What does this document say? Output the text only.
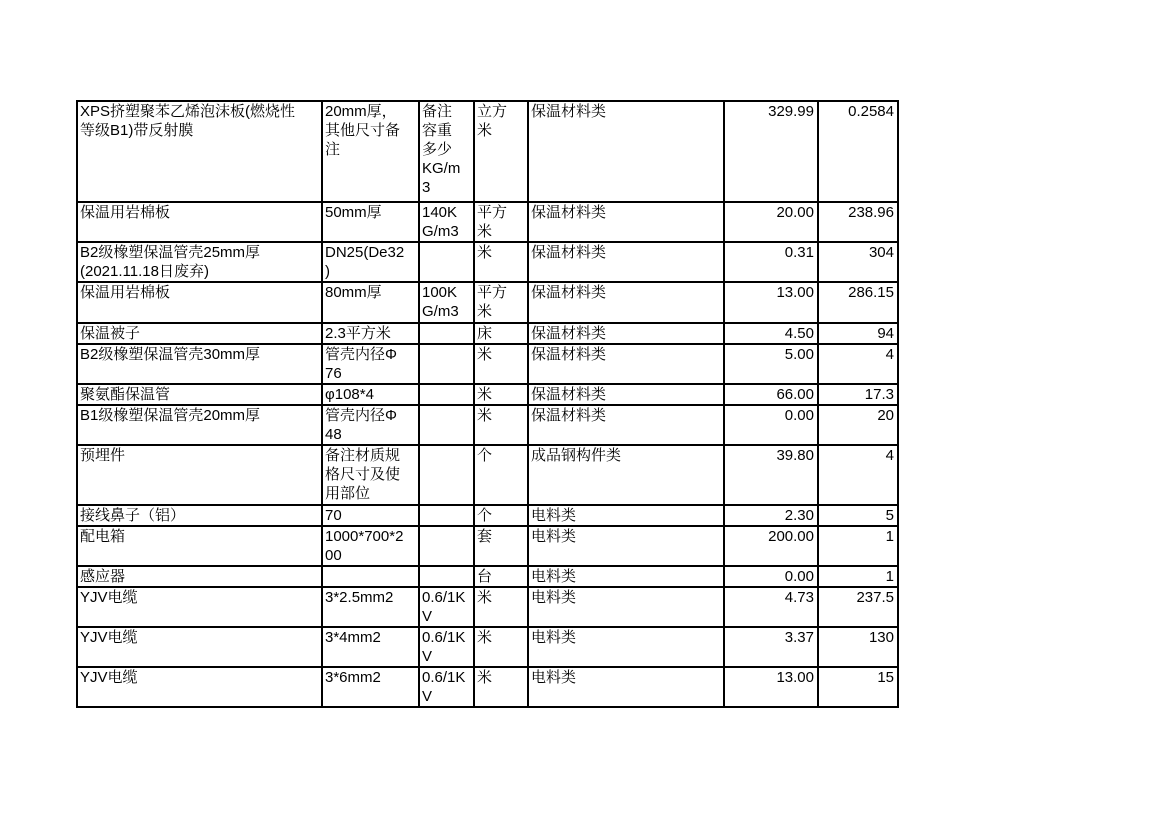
XPS挤塑聚苯乙烯泡沫板(燃烧性
等级B1)带反射膜	20mm厚，
其他尺寸备
注	备注
容重
多少
KG/m
3	立方
米	保温材料类	329.99	0.2584
保温用岩棉板	50mm厚	140K
G/m3	平方
米	保温材料类	20.00	238.96
B2级橡塑保温管壳25mm厚
(2021.11.18日废弃)	DN25(De32
)		米	保温材料类	0.31	304
保温用岩棉板	80mm厚	100K
G/m3	平方
米	保温材料类	13.00	286.15
保温被子	2.3平方米		床	保温材料类	4.50	94
B2级橡塑保温管壳30mm厚	管壳内径Φ
76		米	保温材料类	5.00	4
聚氨酯保温管	φ108*4		米	保温材料类	66.00	17.3
B1级橡塑保温管壳20mm厚	管壳内径Φ
48		米	保温材料类	0.00	20
预埋件	备注材质规
格尺寸及使
用部位		个	成品钢构件类	39.80	4
接线鼻子（铝）	70		个	电料类	2.30	5
配电箱	1000*700*2
00		套	电料类	200.00	1
感应器			台	电料类	0.00	1
YJV电缆	3*2.5mm2	0.6/1K
V	米	电料类	4.73	237.5
YJV电缆	3*4mm2	0.6/1K
V	米	电料类	3.37	130
YJV电缆	3*6mm2	0.6/1K
V	米	电料类	13.00	15
